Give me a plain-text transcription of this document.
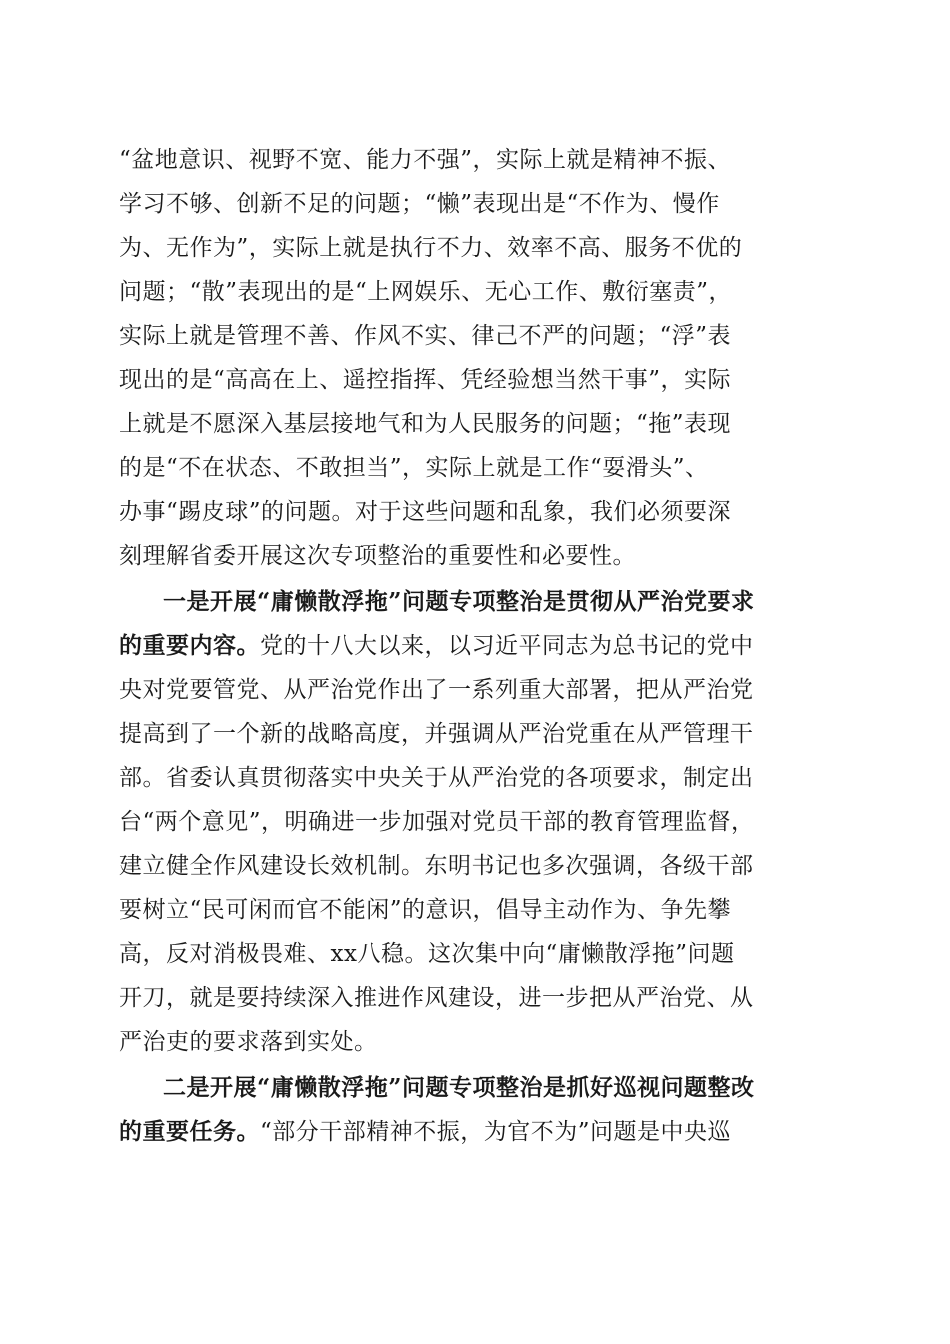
“盆地意识、视野不宽、能力不强”，实际上就是精神不振、
学习不够、创新不足的问题；“懒”表现出是“不作为、慢作
为、无作为”，实际上就是执行不力、效率不高、服务不优的
问题；“散”表现出的是“上网娱乐、无心工作、敷衍塞责”，
实际上就是管理不善、作风不实、律己不严的问题；“浮”表
现出的是“高高在上、遥控指挥、凭经验想当然干事”，实际
上就是不愿深入基层接地气和为人民服务的问题；“拖”表现
的是“不在状态、不敢担当”，实际上就是工作“耍滑头”、
办事“踢皮球”的问题。对于这些问题和乱象，我们必须要深
刻理解省委开展这次专项整治的重要性和必要性。
一是开展“庸懒散浮拖”问题专项整治是贯彻从严治党要求
的重要内容。党的十八大以来，以习近平同志为总书记的党中
央对党要管党、从严治党作出了一系列重大部署，把从严治党
提高到了一个新的战略高度，并强调从严治党重在从严管理干
部。省委认真贯彻落实中央关于从严治党的各项要求，制定出
台“两个意见”，明确进一步加强对党员干部的教育管理监督，
建立健全作风建设长效机制。东明书记也多次强调，各级干部
要树立“民可闲而官不能闲”的意识，倡导主动作为、争先攀
高，反对消极畏难、xx八稳。这次集中向“庸懒散浮拖”问题
开刀，就是要持续深入推进作风建设，进一步把从严治党、从
严治吏的要求落到实处。
二是开展“庸懒散浮拖”问题专项整治是抓好巡视问题整改
的重要任务。“部分干部精神不振，为官不为”问题是中央巡
